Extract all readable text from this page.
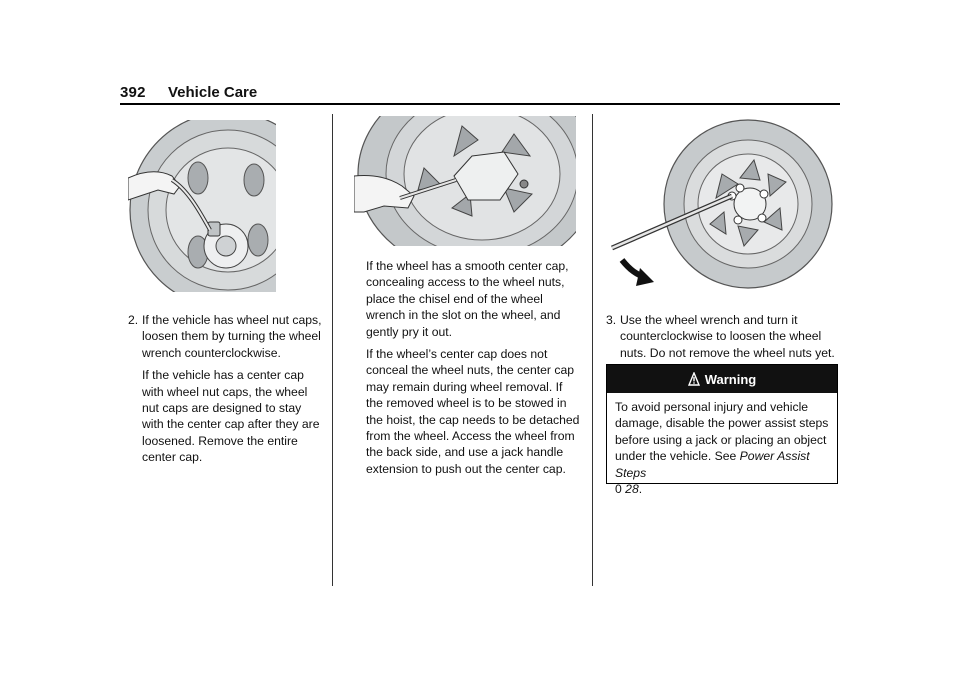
392 Vehicle Care
2. If the vehicle has wheel nut caps, loosen them by turning the wheel wrench counterclockwise.

If the vehicle has a center cap with wheel nut caps, the wheel nut caps are designed to stay with the center cap after they are loosened. Remove the entire center cap.

If the wheel has a smooth center cap, concealing access to the wheel nuts, place the chisel end of the wheel wrench in the slot on the wheel, and gently pry it out.

If the wheel’s center cap does not conceal the wheel nuts, the center cap may remain during wheel removal. If the removed wheel is to be stowed in the hoist, the cap needs to be detached from the wheel. Access the wheel from the back side, and use a jack handle extension to push out the center cap.

3. Use the wheel wrench and turn it counterclockwise to loosen the wheel nuts. Do not remove the wheel nuts yet.
Warning
To avoid personal injury and vehicle damage, disable the power assist steps before using a jack or placing an object under the vehicle. See Power Assist Steps
0 28.
